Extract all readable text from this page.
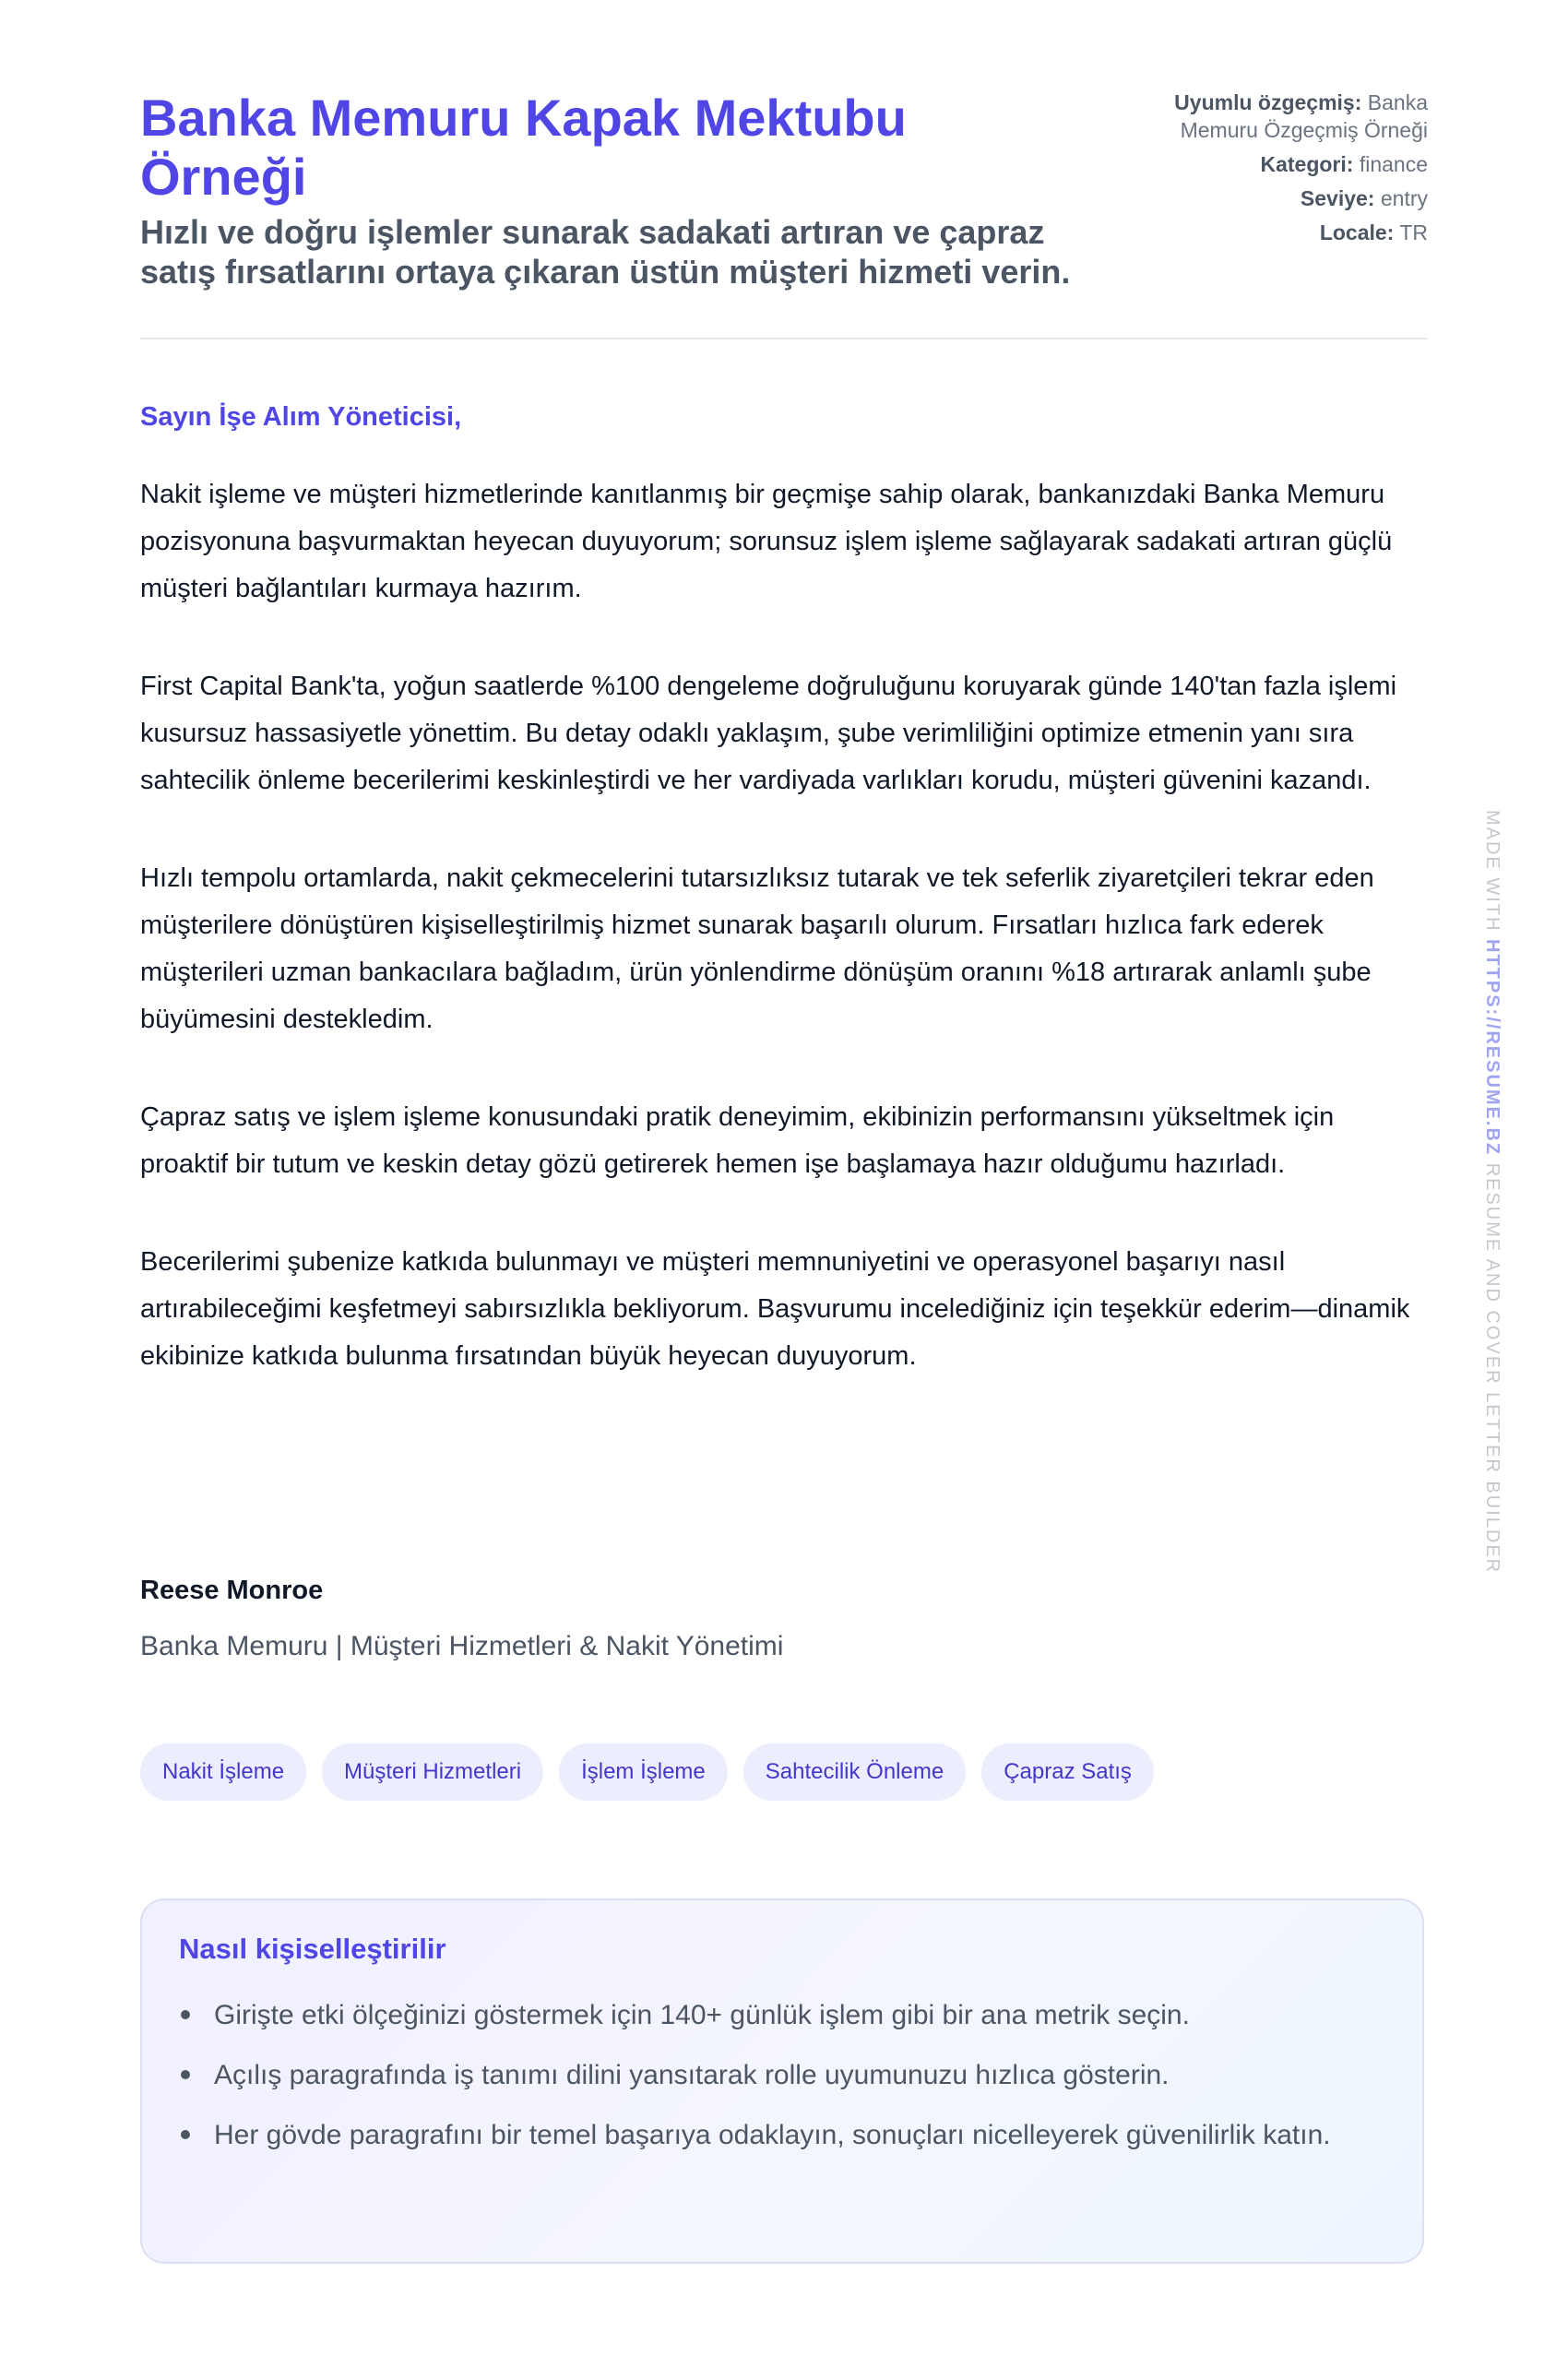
Banka Memuru Kapak Mektubu Örneği

Hızlı ve doğru işlemler sunarak sadakati artıran ve çapraz satış fırsatlarını ortaya çıkaran üstün müşteri hizmeti verin.

Uyumlu özgeçmiş: Banka Memuru Özgeçmiş Örneği
Kategori: finance
Seviye: entry
Locale: TR

Sayın İşe Alım Yöneticisi,

Nakit işleme ve müşteri hizmetlerinde kanıtlanmış bir geçmişe sahip olarak, bankanızdaki Banka Memuru pozisyonuna başvurmaktan heyecan duyuyorum; sorunsuz işlem işleme sağlayarak sadakati artıran güçlü müşteri bağlantıları kurmaya hazırım.

First Capital Bank'ta, yoğun saatlerde %100 dengeleme doğruluğunu koruyarak günde 140'tan fazla işlemi kusursuz hassasiyetle yönettim. Bu detay odaklı yaklaşım, şube verimliliğini optimize etmenin yanı sıra sahtecilik önleme becerilerimi keskinleştirdi ve her vardiyada varlıkları korudu, müşteri güvenini kazandı.

Hızlı tempolu ortamlarda, nakit çekmecelerini tutarsızlıksız tutarak ve tek seferlik ziyaretçileri tekrar eden müşterilere dönüştüren kişiselleştirilmiş hizmet sunarak başarılı olurum. Fırsatları hızlıca fark ederek müşterileri uzman bankacılara bağladım, ürün yönlendirme dönüşüm oranını %18 artırarak anlamlı şube büyümesini destekledim.

Çapraz satış ve işlem işleme konusundaki pratik deneyimim, ekibinizin performansını yükseltmek için proaktif bir tutum ve keskin detay gözü getirerek hemen işe başlamaya hazır olduğumu hazırladı.

Becerilerimi şubenize katkıda bulunmayı ve müşteri memnuniyetini ve operasyonel başarıyı nasıl artırabileceğimi keşfetmeyi sabırsızlıkla bekliyorum. Başvurumu incelediğiniz için teşekkür ederim—dinamik ekibinize katkıda bulunma fırsatından büyük heyecan duyuyorum.

Reese Monroe

Banka Memuru | Müşteri Hizmetleri & Nakit Yönetimi

Nakit İşleme	Müşteri Hizmetleri	İşlem İşleme	Sahtecilik Önleme	Çapraz Satış
Nasıl kişiselleştirilir
Girişte etki ölçeğinizi göstermek için 140+ günlük işlem gibi bir ana metrik seçin.
Açılış paragrafında iş tanımı dilini yansıtarak rolle uyumunuzu hızlıca gösterin.
Her gövde paragrafını bir temel başarıya odaklayın, sonuçları nicelleyerek güvenilirlik katın.
MADE WITH HTTPS://RESUME.BZ RESUME AND COVER LETTER BUILDER
